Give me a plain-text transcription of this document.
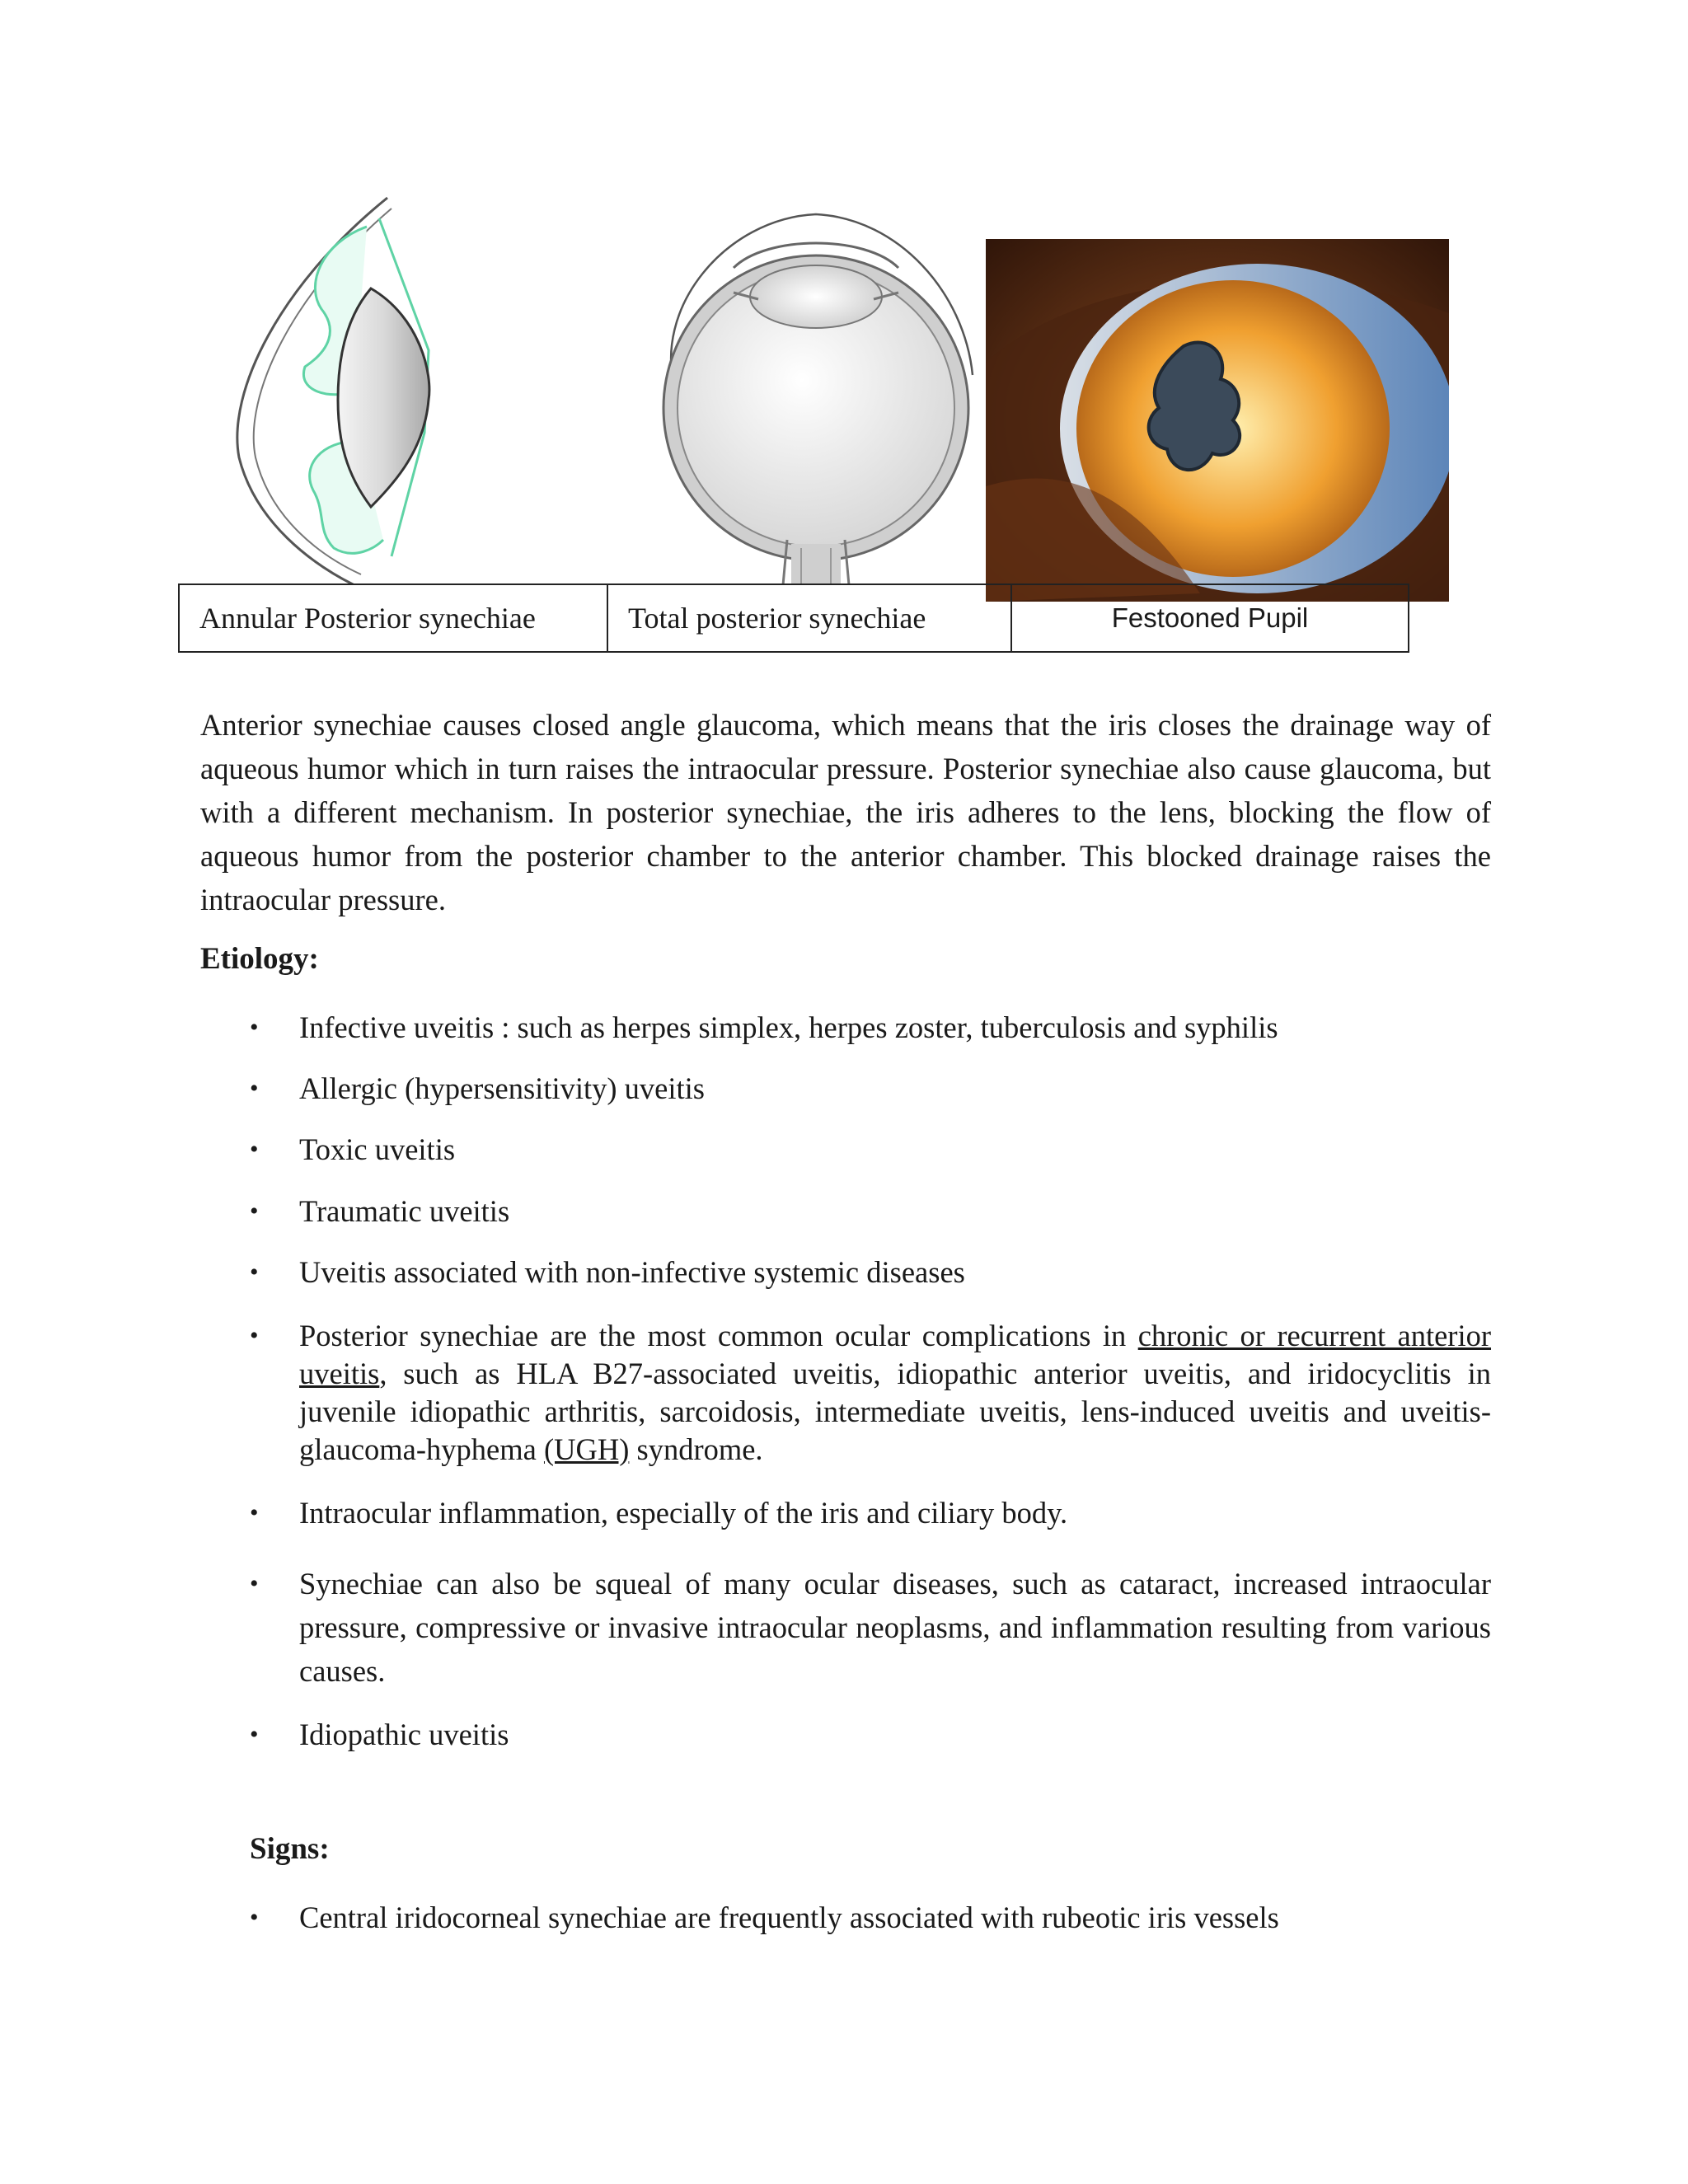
Annular Posterior synechiae	Total posterior synechiae	Festooned Pupil

Anterior synechiae causes closed angle glaucoma, which means that the iris closes the drainage way of aqueous humor which in turn raises the intraocular pressure. Posterior synechiae also cause glaucoma, but with a different mechanism. In posterior synechiae, the iris adheres to the lens, blocking the flow of aqueous humor from the posterior chamber to the anterior chamber. This blocked drainage raises the intraocular pressure.

Etiology:
• Infective uveitis : such as herpes simplex, herpes zoster, tuberculosis and syphilis
• Allergic (hypersensitivity) uveitis
• Toxic uveitis
• Traumatic uveitis
• Uveitis associated with non-infective systemic diseases
• Posterior synechiae are the most common ocular complications in chronic or recurrent anterior uveitis, such as HLA B27-associated uveitis, idiopathic anterior uveitis, and iridocyclitis in juvenile idiopathic arthritis, sarcoidosis, intermediate uveitis, lens-induced uveitis and uveitis-glaucoma-hyphema (UGH) syndrome.
• Intraocular inflammation, especially of the iris and ciliary body.
• Synechiae can also be squeal of many ocular diseases, such as cataract, increased intraocular pressure, compressive or invasive intraocular neoplasms, and inflammation resulting from various causes.
• Idiopathic uveitis
Signs:
• Central iridocorneal synechiae are frequently associated with rubeotic iris vessels
